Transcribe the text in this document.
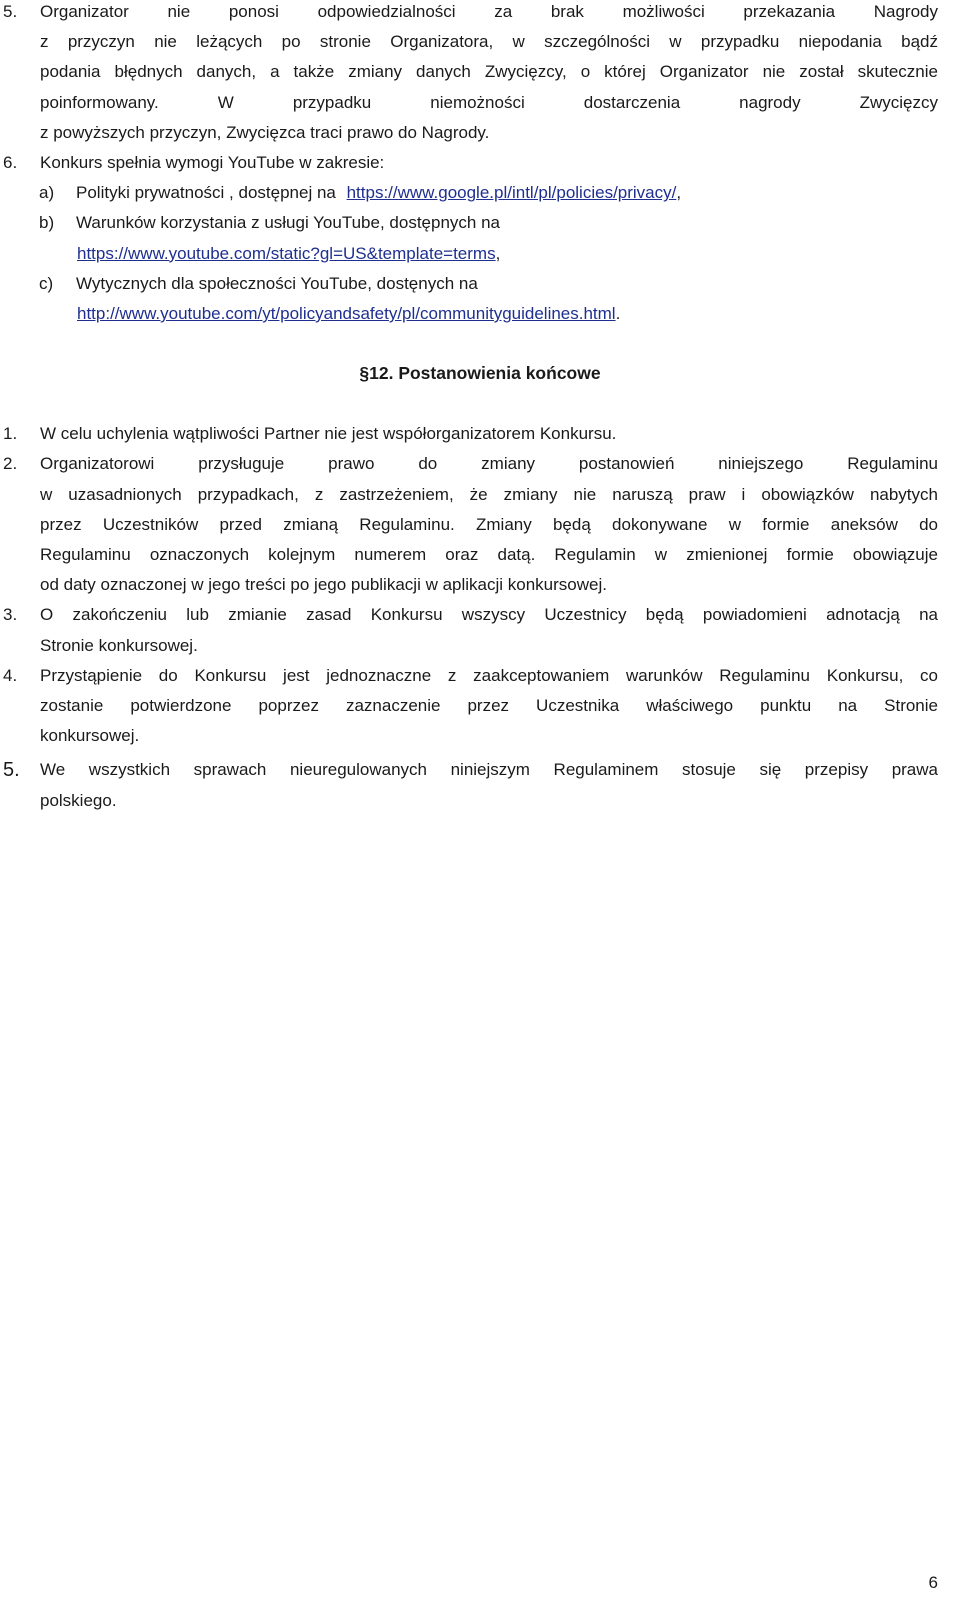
5. Organizator nie ponosi odpowiedzialności za brak możliwości przekazania Nagrody
z przyczyn nie leżących po stronie Organizatora, w szczególności w przypadku niepodania bądź
podania błędnych danych, a także zmiany danych Zwycięzcy, o której Organizator nie został skutecznie
poinformowany. W przypadku niemożności dostarczenia nagrody Zwycięzcy
z powyższych przyczyn, Zwycięzca traci prawo do Nagrody.
6. Konkurs spełnia wymogi YouTube w zakresie:
a) Polityki prywatności , dostępnej na https://www.google.pl/intl/pl/policies/privacy/,
b) Warunków korzystania z usługi YouTube, dostępnych na
https://www.youtube.com/static?gl=US&template=terms,
c) Wytycznych dla społeczności YouTube, dostęnych na
http://www.youtube.com/yt/policyandsafety/pl/communityguidelines.html.
§12. Postanowienia końcowe
1. W celu uchylenia wątpliwości Partner nie jest współorganizatorem Konkursu.
2. Organizatorowi przysługuje prawo do zmiany postanowień niniejszego Regulaminu
w uzasadnionych przypadkach, z zastrzeżeniem, że zmiany nie naruszą praw i obowiązków nabytych
przez Uczestników przed zmianą Regulaminu. Zmiany będą dokonywane w formie aneksów do
Regulaminu oznaczonych kolejnym numerem oraz datą. Regulamin w zmienionej formie obowiązuje
od daty oznaczonej w jego treści po jego publikacji w aplikacji konkursowej.
3. O zakończeniu lub zmianie zasad Konkursu wszyscy Uczestnicy będą powiadomieni adnotacją na
Stronie konkursowej.
4. Przystąpienie do Konkursu jest jednoznaczne z zaakceptowaniem warunków Regulaminu Konkursu, co
zostanie potwierdzone poprzez zaznaczenie przez Uczestnika właściwego punktu na Stronie
konkursowej.
5. We wszystkich sprawach nieuregulowanych niniejszym Regulaminem stosuje się przepisy prawa
polskiego.
6
